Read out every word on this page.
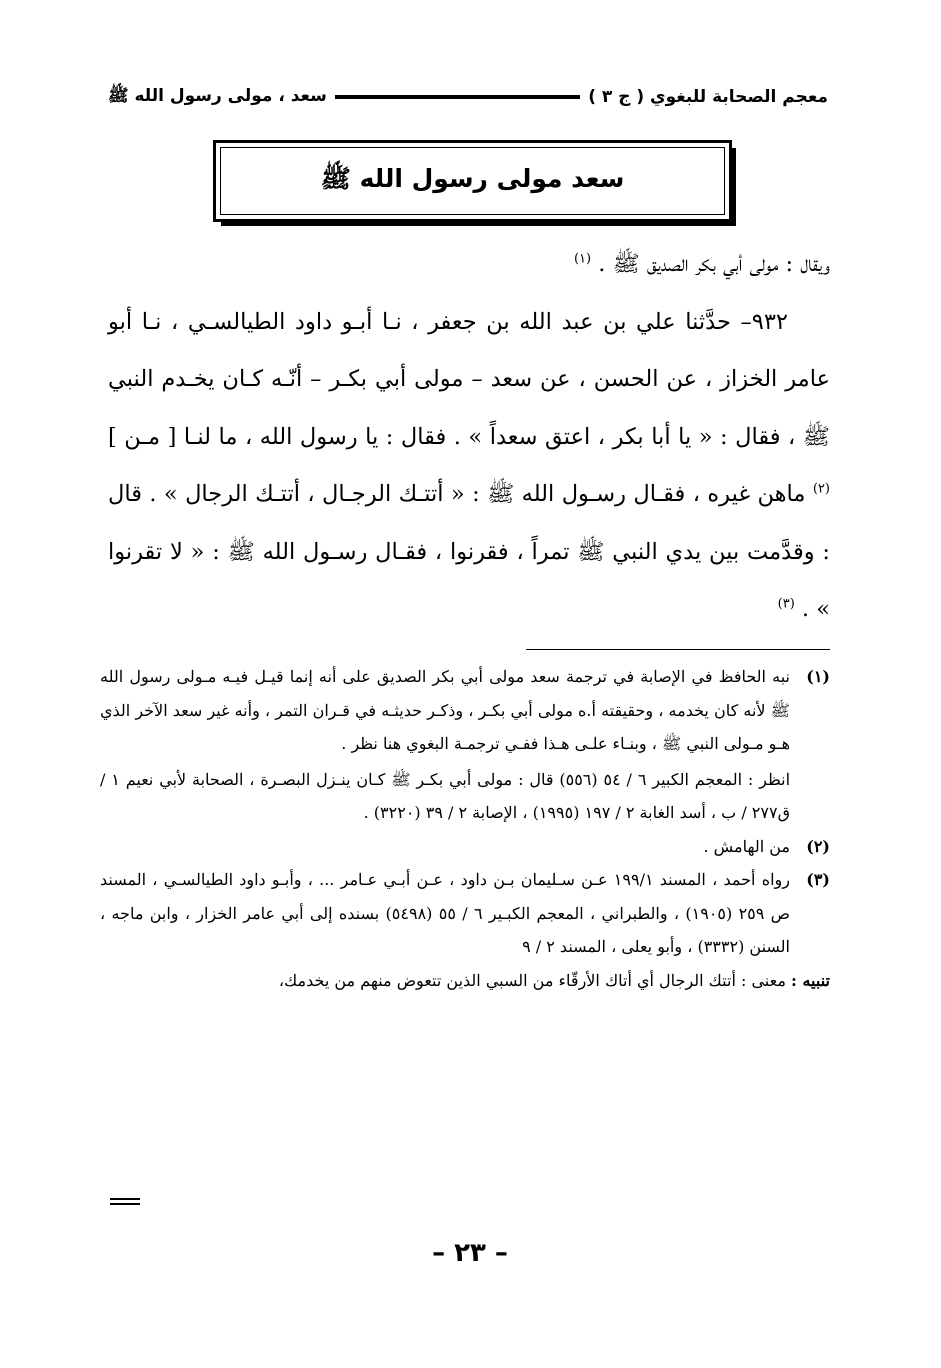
معجم الصحابة للبغوي ( ج ٣ )
سعد ، مولى رسول الله ﷺ
سعد مولى رسول الله ﷺ

ويقال : مولى أبي بكر الصديق ﷺ . $^{(١)}$

٩٣٢– حدَّثنا علي بن عبد الله بن جعفر ، نـا أبـو داود الطيالسـي ، نـا أبو عامر الخزاز ، عن الحسن ، عن سعد – مولى أبي بكـر – أنّـه كـان يخـدم النبي ﷺ ، فقال : « يا أبا بكر ، اعتق سعداً » . فقال : يا رسول الله ، ما لنـا [ مـن ] $^{(٢)}$ ماهن غيره ، فقـال رسـول الله ﷺ : « أتتـك الرجـال ، أتتـك الرجال » . قال : وقدَّمت بين يدي النبي ﷺ تمراً ، فقرنوا ، فقـال رسـول الله ﷺ : « لا تقرنوا » . $^{(٣)}$

(١)
نبه الحافظ في الإصابة في ترجمة سعد مولى أبي بكر الصديق على أنه إنما قيـل فيـه مـولى رسول الله ﷺ لأنه كان يخدمه ، وحقيقته أ.ه مولى أبي بكـر ، وذكـر حديثـه في قـران التمر ، وأنه غير سعد الآخر الذي هـو مـولى النبي ﷺ ، وبنـاء علـى هـذا ففـي ترجمـة البغوي هنا نظر .
انظر : المعجم الكبير ٦ / ٥٤ (٥٥٦) قال : مولى أبي بكـر ﷺ كـان ينـزل البصـرة ، الصحابة لأبي نعيم ١ / ق٢٧٧ / ب ، أسد الغابة ٢ / ١٩٧ (١٩٩٥) ، الإصابة ٢ / ٣٩ (٣٢٢٠) .
(٢)
من الهامش .
(٣)
رواه أحمد ، المسند ١٩٩/١ عـن سـليمان بـن داود ، عـن أبـي عـامر ... ، وأبـو داود الطيالسـي ، المسند ص ٢٥٩ (١٩٠٥) ، والطبراني ، المعجم الكبـير ٦ / ٥٥ (٥٤٩٨) بسنده إلى أبي عامر الخزار ، وابن ماجه ، السنن (٣٣٣٢) ، وأبو يعلى ، المسند ٢ / ٩
تنبيه : معنى : أتتك الرجال أي أتاك الأرقّاء من السبي الذين تتعوض منهم من يخدمك،
– ٢٣ –
